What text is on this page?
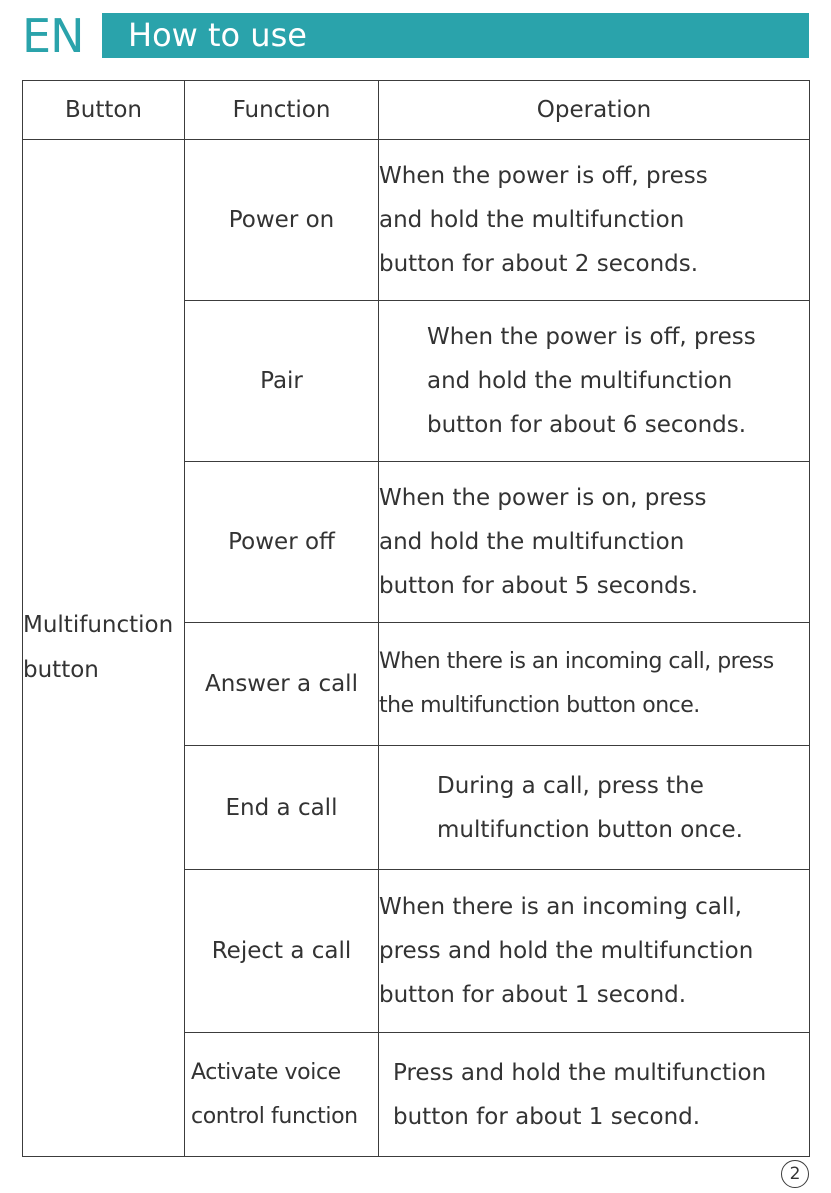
EN How to use
Button	Function	Operation

Multifunction
button	Power on	When the power is off, press
and hold the multifunction
button for about 2 seconds.

	Pair	When the power is off, press
and hold the multifunction
button for about 6 seconds.

	Power off	When the power is on, press
and hold the multifunction
button for about 5 seconds.

	Answer a call	When there is an incoming call, press
the multifunction button once.

	End a call	During a call, press the
multifunction button once.

	Reject a call	When there is an incoming call,
press and hold the multifunction
button for about 1 second.

	Activate voice
control function	Press and hold the multifunction
button for about 1 second.
2
